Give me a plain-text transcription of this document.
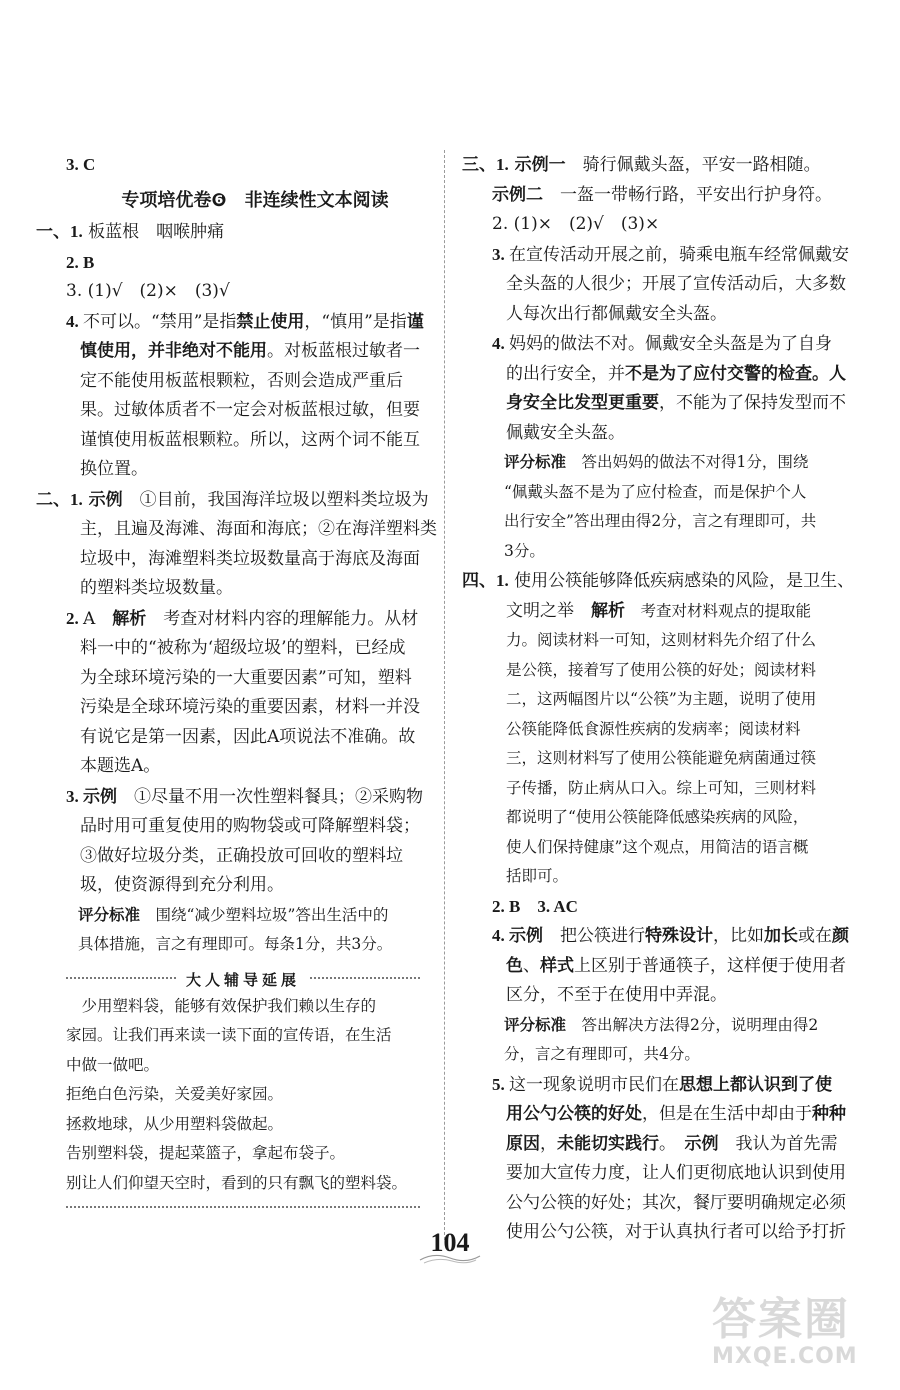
3. C
专项培优卷❻　非连续性文本阅读
一、1. 板蓝根　咽喉肿痛
2. B
3. (1)√　(2)×　(3)√
4. 不可以。“禁用”是指禁止使用，“慎用”是指谨
慎使用，并非绝对不能用。对板蓝根过敏者一
定不能使用板蓝根颗粒，否则会造成严重后
果。过敏体质者不一定会对板蓝根过敏，但要
谨慎使用板蓝根颗粒。所以，这两个词不能互
换位置。
二、1. 示例　①目前，我国海洋垃圾以塑料类垃圾为
主，且遍及海滩、海面和海底；②在海洋塑料类
垃圾中，海滩塑料类垃圾数量高于海底及海面
的塑料类垃圾数量。
2. A　解析　考查对材料内容的理解能力。从材
料一中的“被称为‘超级垃圾’的塑料，已经成
为全球环境污染的一大重要因素”可知，塑料
污染是全球环境污染的重要因素，材料一并没
有说它是第一因素，因此A项说法不准确。故
本题选A。
3. 示例　①尽量不用一次性塑料餐具；②采购物
品时用可重复使用的购物袋或可降解塑料袋；
③做好垃圾分类，正确投放可回收的塑料垃
圾，使资源得到充分利用。
评分标准　围绕“减少塑料垃圾”答出生活中的
具体措施，言之有理即可。每条1分，共3分。
大人辅导延展
　少用塑料袋，能够有效保护我们赖以生存的
家园。让我们再来读一读下面的宣传语，在生活
中做一做吧。
拒绝白色污染，关爱美好家园。
拯救地球，从少用塑料袋做起。
告别塑料袋，提起菜篮子，拿起布袋子。
别让人们仰望天空时，看到的只有飘飞的塑料袋。
三、1. 示例一　骑行佩戴头盔，平安一路相随。
示例二　一盔一带畅行路，平安出行护身符。
2. (1)×　(2)√　(3)×
3. 在宣传活动开展之前，骑乘电瓶车经常佩戴安
全头盔的人很少；开展了宣传活动后，大多数
人每次出行都佩戴安全头盔。
4. 妈妈的做法不对。佩戴安全头盔是为了自身
的出行安全，并不是为了应付交警的检查。人
身安全比发型更重要，不能为了保持发型而不
佩戴安全头盔。
评分标准　答出妈妈的做法不对得1分，围绕
“佩戴头盔不是为了应付检查，而是保护个人
出行安全”答出理由得2分，言之有理即可，共
3分。
四、1. 使用公筷能够降低疾病感染的风险，是卫生、
文明之举　解析　考查对材料观点的提取能
力。阅读材料一可知，这则材料先介绍了什么
是公筷，接着写了使用公筷的好处；阅读材料
二，这两幅图片以“公筷”为主题，说明了使用
公筷能降低食源性疾病的发病率；阅读材料
三，这则材料写了使用公筷能避免病菌通过筷
子传播，防止病从口入。综上可知，三则材料
都说明了“使用公筷能降低感染疾病的风险，
使人们保持健康”这个观点，用简洁的语言概
括即可。
2. B　3. AC
4. 示例　把公筷进行特殊设计，比如加长或在颜
色、样式上区别于普通筷子，这样便于使用者
区分，不至于在使用中弄混。
评分标准　答出解决方法得2分，说明理由得2
分，言之有理即可，共4分。
5. 这一现象说明市民们在思想上都认识到了使
用公勺公筷的好处，但是在生活中却由于种种
原因，未能切实践行。　示例　我认为首先需
要加大宣传力度，让人们更彻底地认识到使用
公勺公筷的好处；其次，餐厅要明确规定必须
使用公勺公筷，对于认真执行者可以给予打折
104
答案圈
MXQE.COM
